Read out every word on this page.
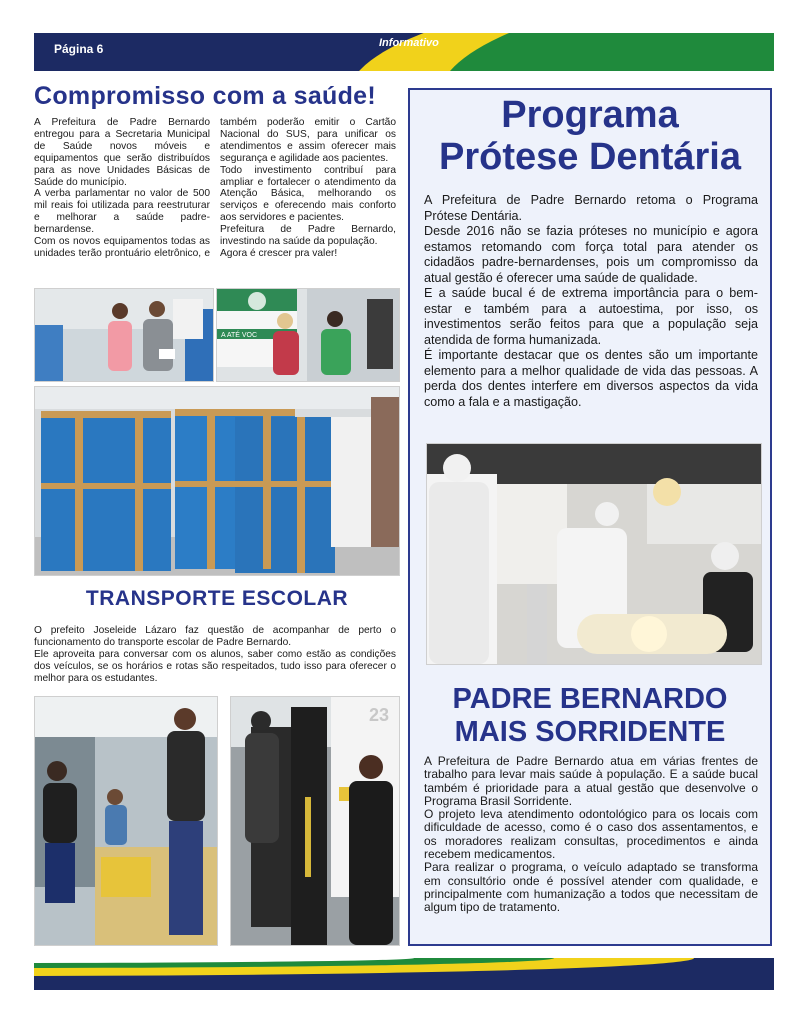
Página 6	Informativo
Compromisso com a saúde!

A Prefeitura de Padre Bernardo entregou para a Secretaria Municipal de Saúde novos móveis e equipamentos que serão distribuídos para as nove Unidades Básicas de Saúde do município.

A verba parlamentar no valor de 500 mil reais foi utilizada para reestruturar e melhorar a saúde padre-bernardense.

Com os novos equipamentos todas as unidades terão prontuário eletrônico, e também poderão emitir o Cartão Nacional do SUS, para unificar os atendimentos e assim oferecer mais segurança e agilidade aos pacientes.

Todo investimento contribuí para ampliar e fortalecer o atendimento da Atenção Básica, melhorando os serviços e oferecendo mais conforto aos servidores e pacientes.

Prefeitura de Padre Bernardo, investindo na saúde da população.

Agora é crescer pra valer!

A ATÉ VOC
TRANSPORTE ESCOLAR

O prefeito Joseleide Lázaro faz questão de acompanhar de perto o funcionamento do transporte escolar de Padre Bernardo.

Ele aproveita para conversar com os alunos, saber como estão as condições dos veículos, se os horários e rotas são respeitados, tudo isso para oferecer o melhor para os estudantes.

23
Programa
Prótese Dentária

A Prefeitura de Padre Bernardo retoma o Programa Prótese Dentária.

Desde 2016 não se fazia próteses no município e agora estamos retomando com força total para atender os cidadãos padre-bernardenses, pois um compromisso da atual gestão é oferecer uma saúde de qualidade.

E a saúde bucal é de extrema importância para o bem-estar e também para a autoestima, por isso, os investimentos serão feitos para que a população seja atendida de forma humanizada.

É importante destacar que os dentes são um importante elemento para a melhor qualidade de vida das pessoas. A perda dos dentes interfere em diversos aspectos da vida como a fala e a mastigação.

PADRE BERNARDO
MAIS SORRIDENTE

A Prefeitura de Padre Bernardo atua em várias frentes de trabalho para levar mais saúde à população. E a saúde bucal também é prioridade para a atual gestão que desenvolve o Programa Brasil Sorridente.

O projeto leva atendimento odontológico para os locais com dificuldade de acesso, como é o caso dos assentamentos, e os moradores realizam consultas, procedimentos e ainda recebem medicamentos.

Para realizar o programa, o veículo adaptado se transforma em consultório onde é possível atender com qualidade, e principalmente com humanização a todos que necessitam de algum tipo de tratamento.
